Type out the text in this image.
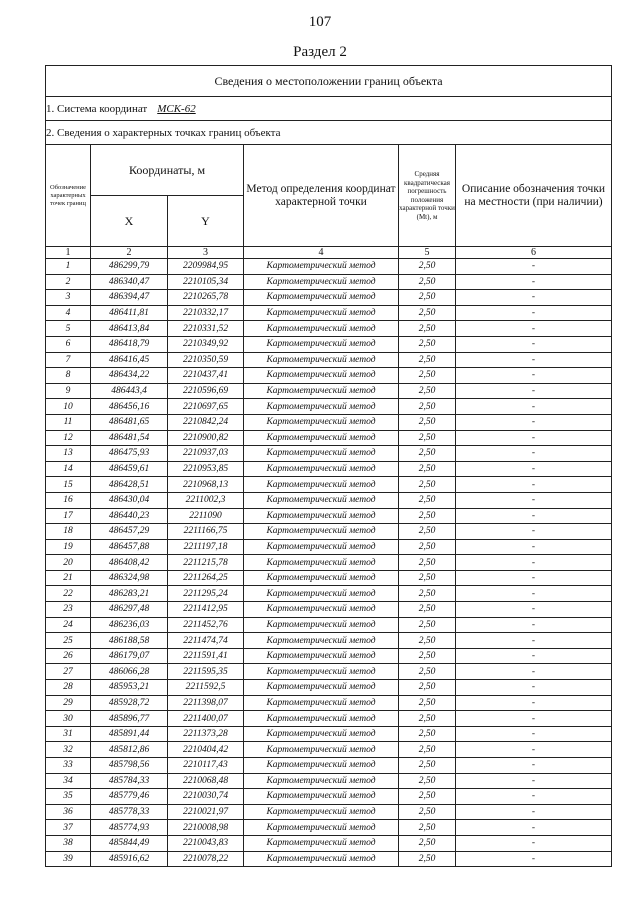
107
Раздел 2
Сведения о местоположении границ объекта					
1. Система координат МСК-62					
2. Сведения о характерных точках границ объекта					
Обозначение характерных точек границ	Координаты, м		Метод определения координат характерной точки	Средняя квадратическая погрешность положения характерной точки (Mt), м	Описание обозначения точки на местности (при наличии)
	X	Y			
1	2	3	4	5	6
1	486299,79	2209984,95	Картометрический метод	2,50	-
2	486340,47	2210105,34	Картометрический метод	2,50	-
3	486394,47	2210265,78	Картометрический метод	2,50	-
4	486411,81	2210332,17	Картометрический метод	2,50	-
5	486413,84	2210331,52	Картометрический метод	2,50	-
6	486418,79	2210349,92	Картометрический метод	2,50	-
7	486416,45	2210350,59	Картометрический метод	2,50	-
8	486434,22	2210437,41	Картометрический метод	2,50	-
9	486443,4	2210596,69	Картометрический метод	2,50	-
10	486456,16	2210697,65	Картометрический метод	2,50	-
11	486481,65	2210842,24	Картометрический метод	2,50	-
12	486481,54	2210900,82	Картометрический метод	2,50	-
13	486475,93	2210937,03	Картометрический метод	2,50	-
14	486459,61	2210953,85	Картометрический метод	2,50	-
15	486428,51	2210968,13	Картометрический метод	2,50	-
16	486430,04	2211002,3	Картометрический метод	2,50	-
17	486440,23	2211090	Картометрический метод	2,50	-
18	486457,29	2211166,75	Картометрический метод	2,50	-
19	486457,88	2211197,18	Картометрический метод	2,50	-
20	486408,42	2211215,78	Картометрический метод	2,50	-
21	486324,98	2211264,25	Картометрический метод	2,50	-
22	486283,21	2211295,24	Картометрический метод	2,50	-
23	486297,48	2211412,95	Картометрический метод	2,50	-
24	486236,03	2211452,76	Картометрический метод	2,50	-
25	486188,58	2211474,74	Картометрический метод	2,50	-
26	486179,07	2211591,41	Картометрический метод	2,50	-
27	486066,28	2211595,35	Картометрический метод	2,50	-
28	485953,21	2211592,5	Картометрический метод	2,50	-
29	485928,72	2211398,07	Картометрический метод	2,50	-
30	485896,77	2211400,07	Картометрический метод	2,50	-
31	485891,44	2211373,28	Картометрический метод	2,50	-
32	485812,86	2210404,42	Картометрический метод	2,50	-
33	485798,56	2210117,43	Картометрический метод	2,50	-
34	485784,33	2210068,48	Картометрический метод	2,50	-
35	485779,46	2210030,74	Картометрический метод	2,50	-
36	485778,33	2210021,97	Картометрический метод	2,50	-
37	485774,93	2210008,98	Картометрический метод	2,50	-
38	485844,49	2210043,83	Картометрический метод	2,50	-
39	485916,62	2210078,22	Картометрический метод	2,50	-
